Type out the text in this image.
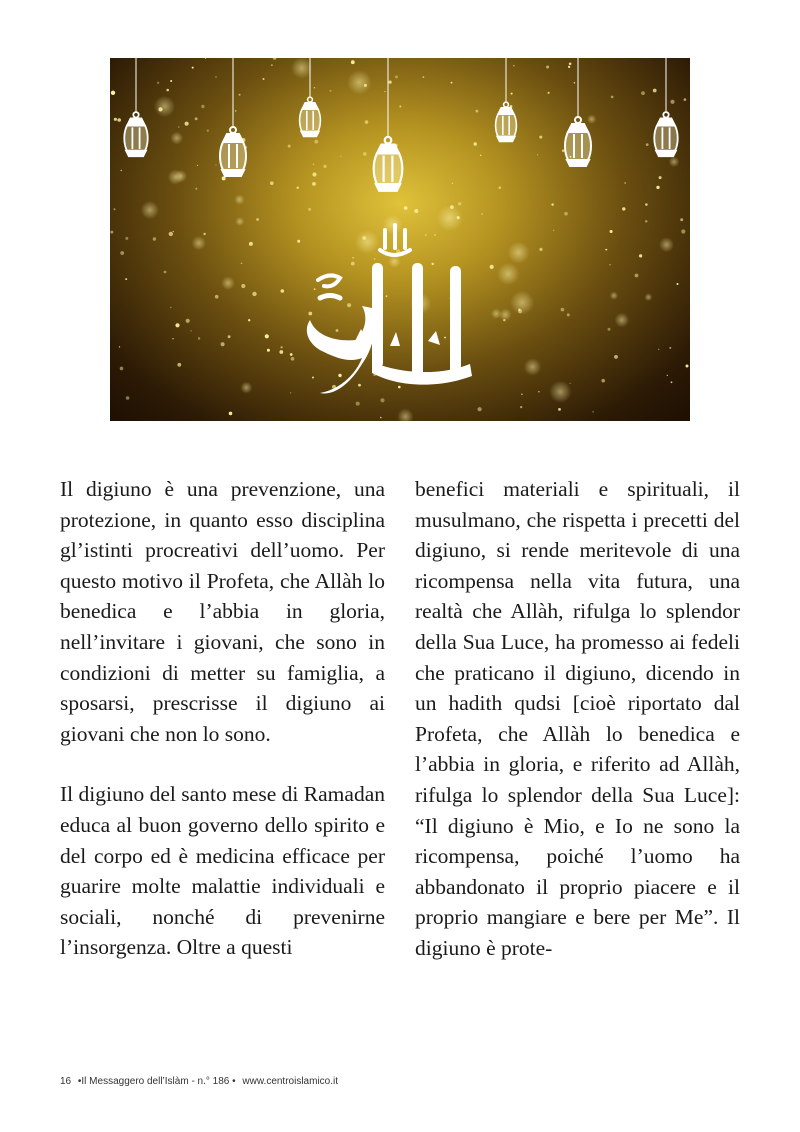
Il digiuno è una prevenzione, una protezione, in quanto esso disciplina gl’istinti procreativi dell’uomo. Per questo motivo il Profeta, che Allàh lo benedica e l’abbia in gloria, nell’invitare i giovani, che sono in condizioni di metter su famiglia, a sposarsi, prescrisse il digiuno ai giovani che non lo sono.

Il digiuno del santo mese di Ramadan educa al buon governo dello spirito e del corpo ed è medicina efficace per guarire molte malattie individuali e sociali, nonché di prevenirne l’insorgenza. Oltre a questi

benefici materiali e spirituali, il musulmano, che rispetta i precetti del digiuno, si rende meritevole di una ricompensa nella vita futura, una realtà che Allàh, rifulga lo splendor della Sua Luce, ha promesso ai fedeli che praticano il digiuno, dicendo in un hadith qudsi [cioè riportato dal Profeta, che Allàh lo benedica e l’abbia in gloria, e riferito ad Allàh, rifulga lo splendor della Sua Luce]: “Il digiuno è Mio, e Io ne sono la ricompensa, poiché l’uomo ha abbandonato il proprio piacere e il proprio mangiare e bere per Me”. Il digiuno è prote-

16 •Il Messaggero dell’Islàm - n.° 186 • www.centroislamico.it
